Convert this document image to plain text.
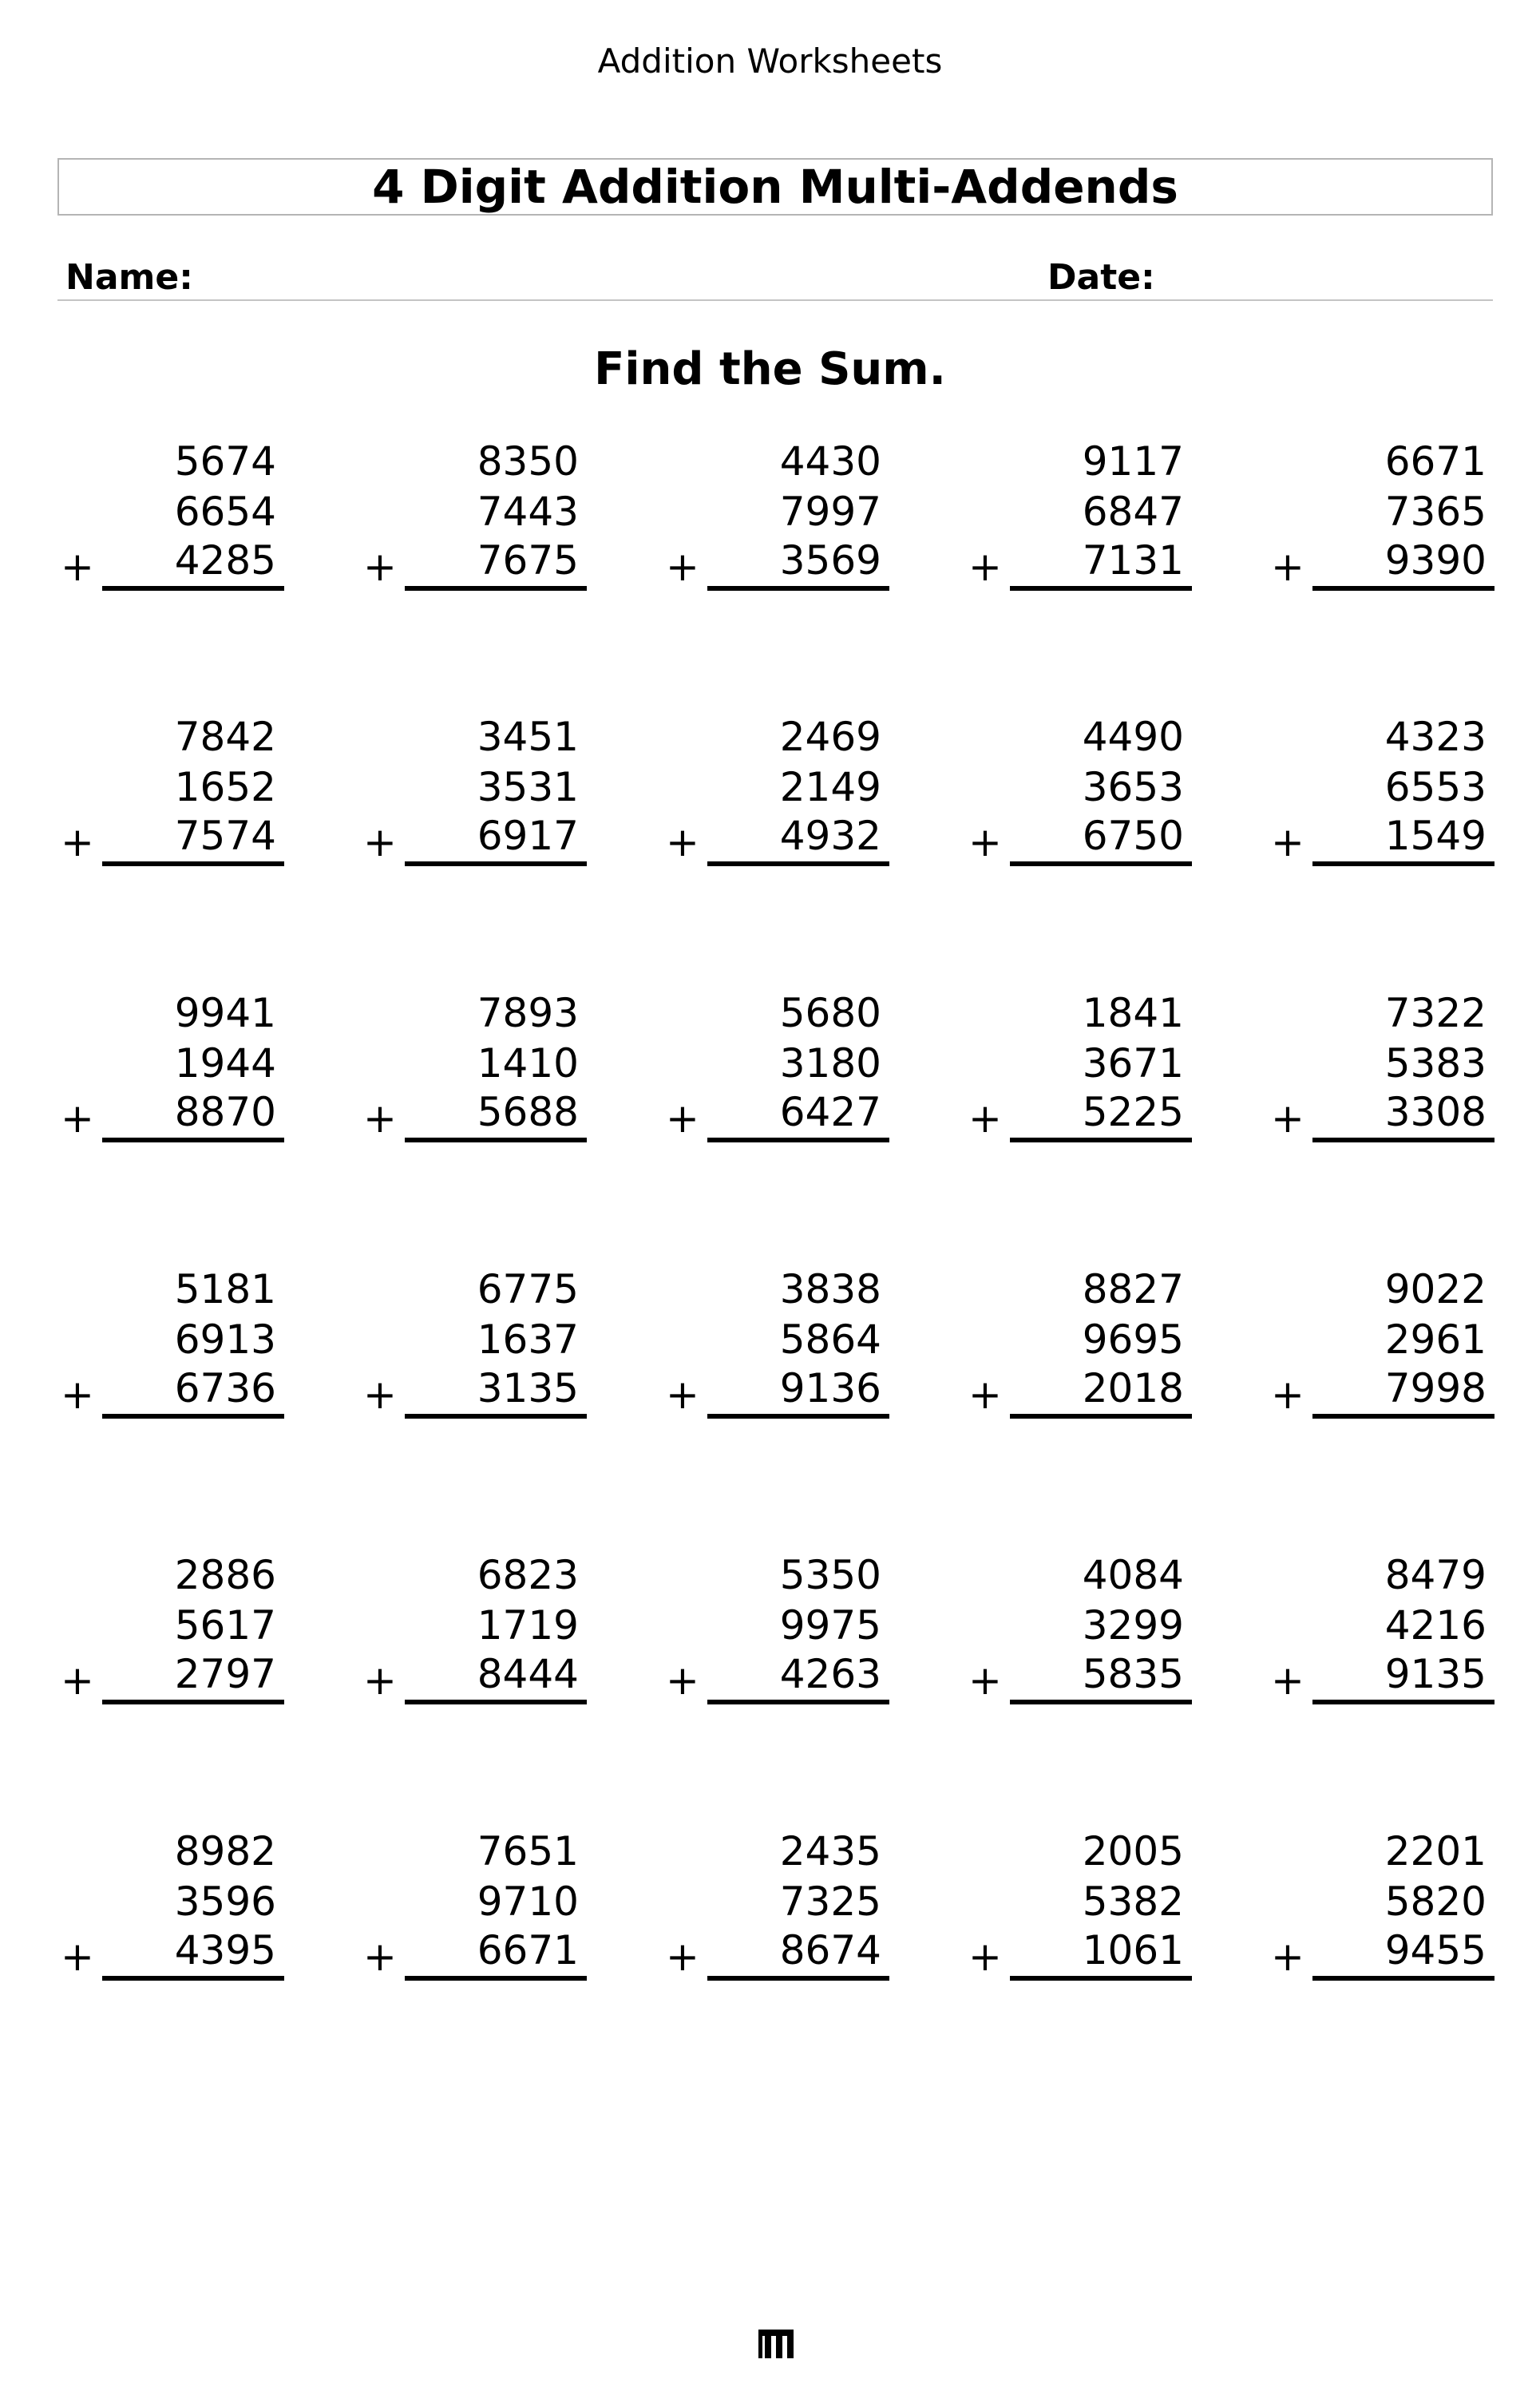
Addition Worksheets
4 Digit Addition Multi-Addends
Name:	Date:
Find the Sum.
5674
6654
4285
+
8350
7443
7675
+
4430
7997
3569
+
9117
6847
7131
+
6671
7365
9390
+
7842
1652
7574
+
3451
3531
6917
+
2469
2149
4932
+
4490
3653
6750
+
4323
6553
1549
+
9941
1944
8870
+
7893
1410
5688
+
5680
3180
6427
+
1841
3671
5225
+
7322
5383
3308
+
5181
6913
6736
+
6775
1637
3135
+
3838
5864
9136
+
8827
9695
2018
+
9022
2961
7998
+
2886
5617
2797
+
6823
1719
8444
+
5350
9975
4263
+
4084
3299
5835
+
8479
4216
9135
+
8982
3596
4395
+
7651
9710
6671
+
2435
7325
8674
+
2005
5382
1061
+
2201
5820
9455
+
